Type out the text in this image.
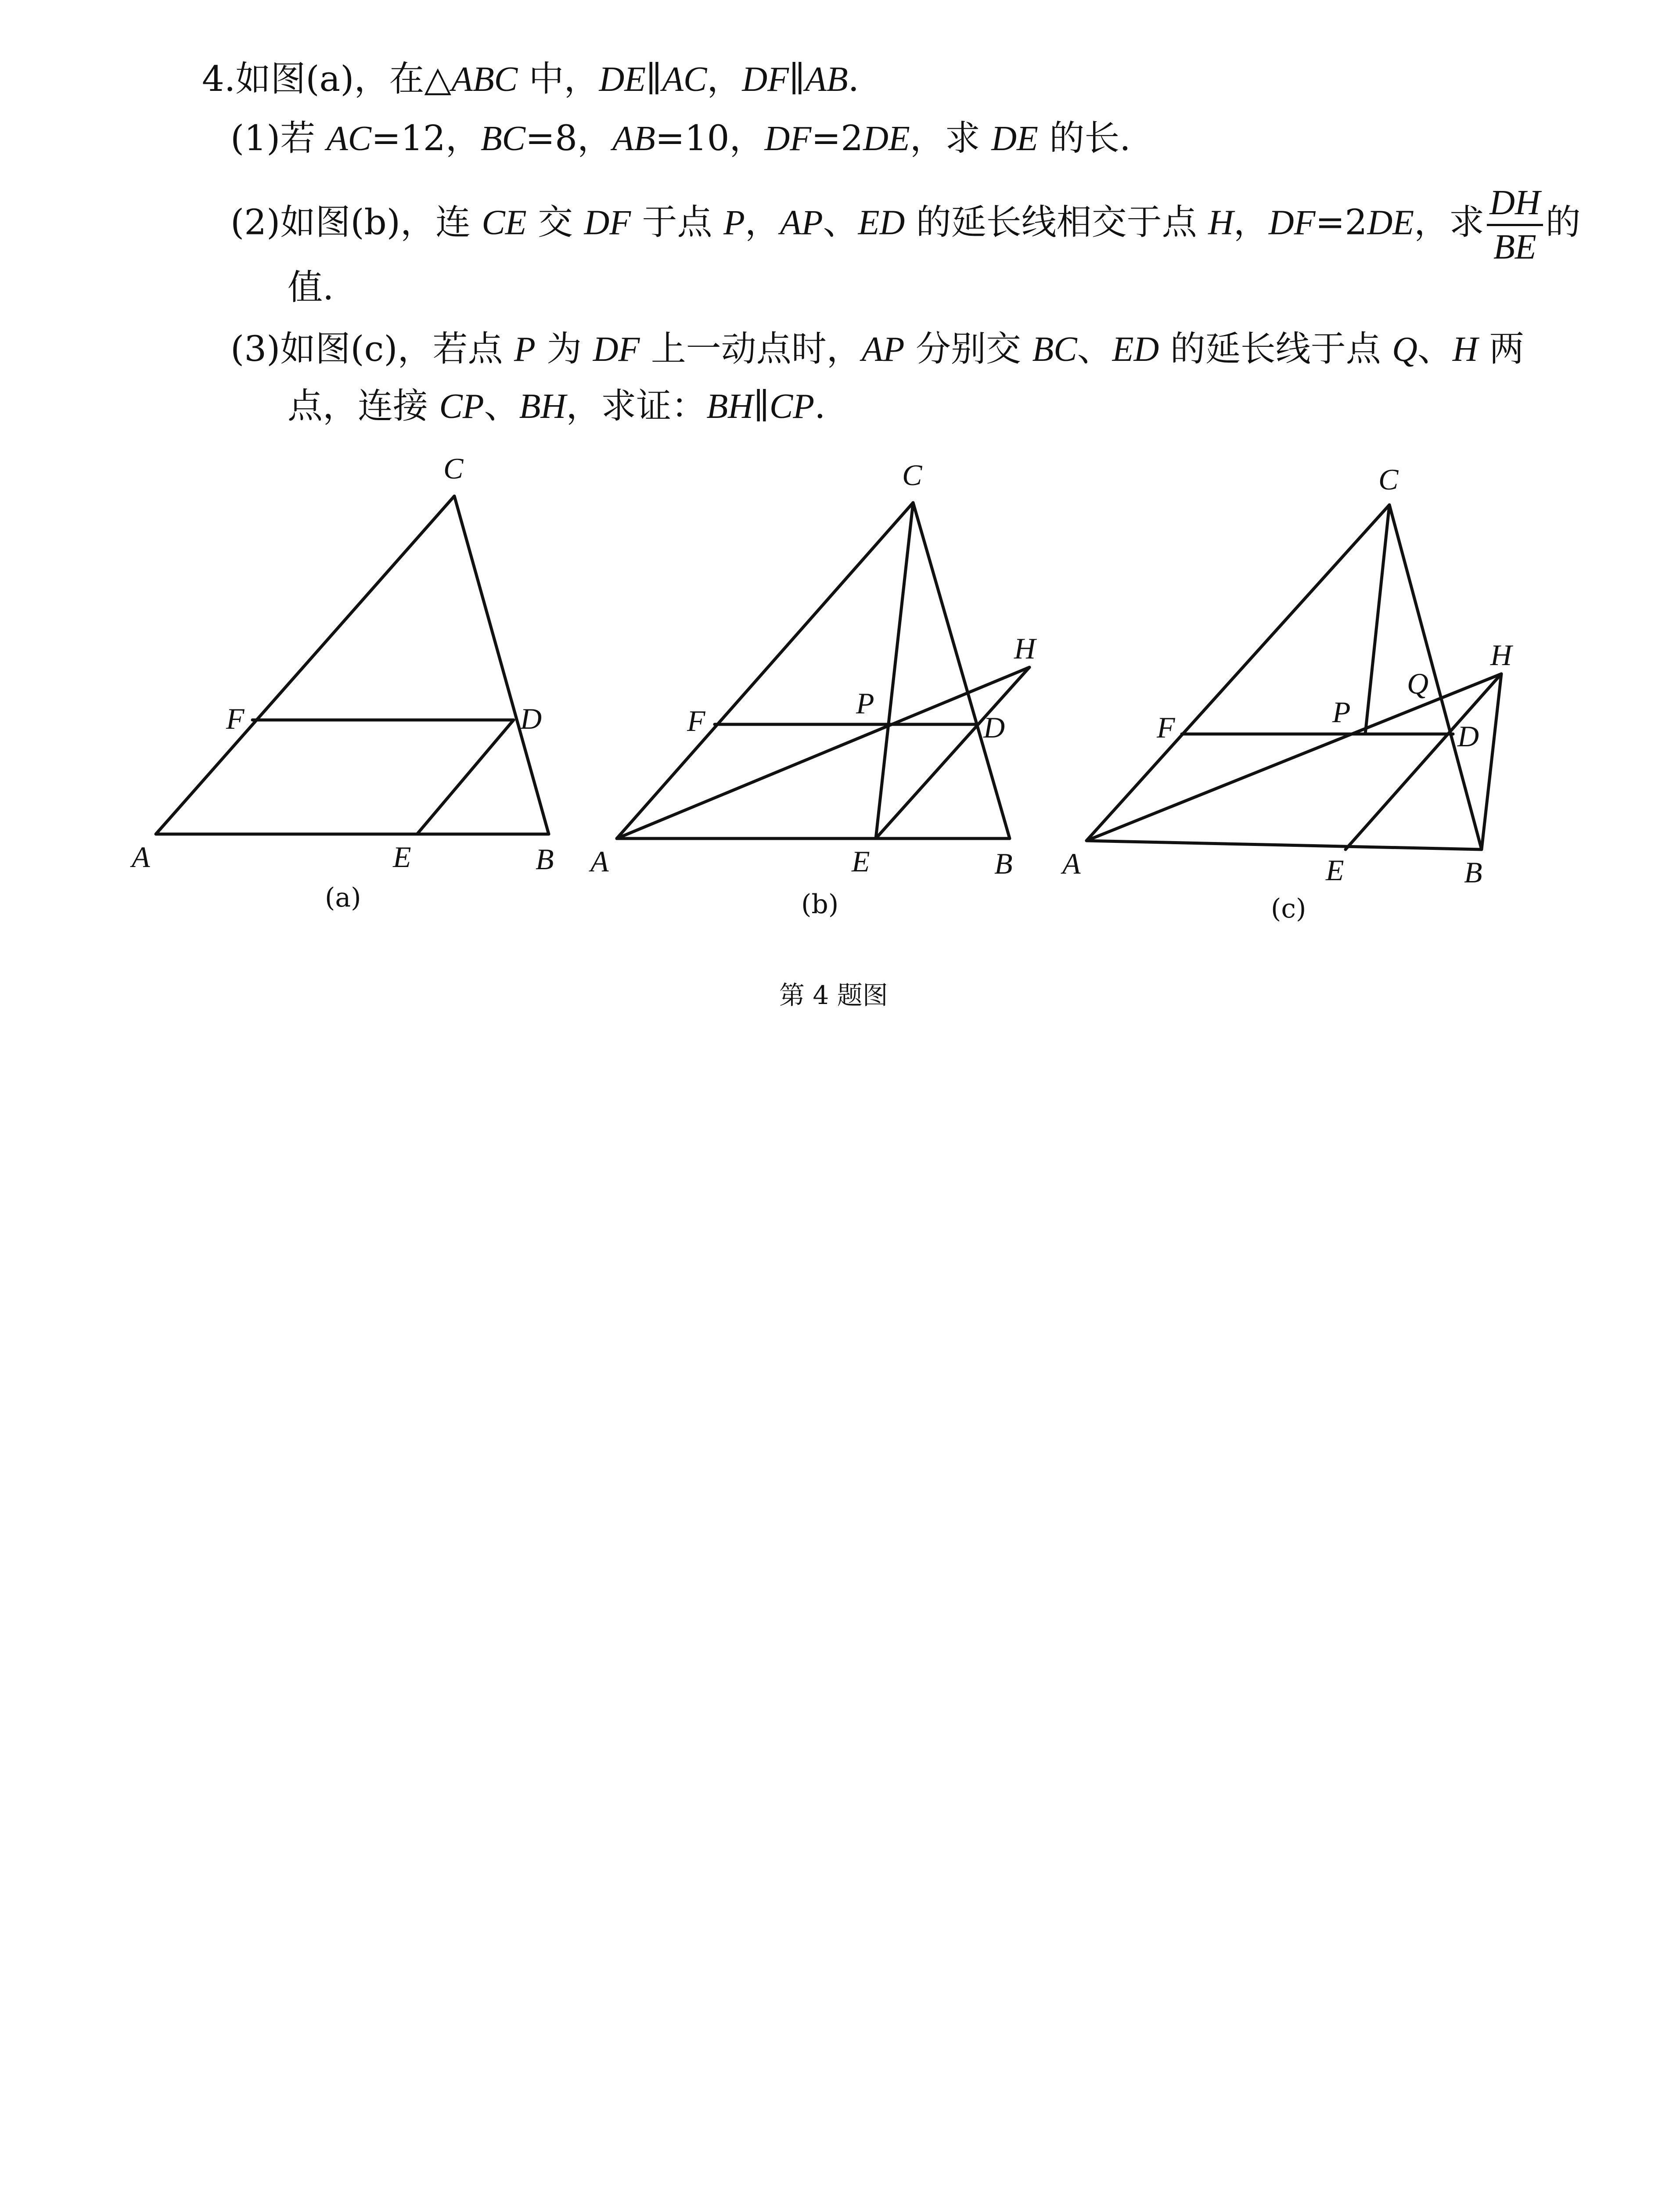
4.如图(a)，在△ABC 中，DE∥AC，DF∥AB.
(1)若 AC=12，BC=8，AB=10，DF=2DE，求 DE 的长.
(2)如图(b)，连 CE 交 DF 于点 P，AP、ED 的延长线相交于点 H，DF=2DE，求 $\frac{DH}{BE}$ 的
值.
(3)如图(c)，若点 P 为 DF 上一动点时，AP 分别交 BC、ED 的延长线于点 Q、H 两
点，连接 CP、BH，求证：BH∥CP.
A	B
C
D
E
F
A	B
C
D
E
F
P
H
A	B
C
D
E
F	P
Q
H
(a)	(b)	(c)
第 4 题图
